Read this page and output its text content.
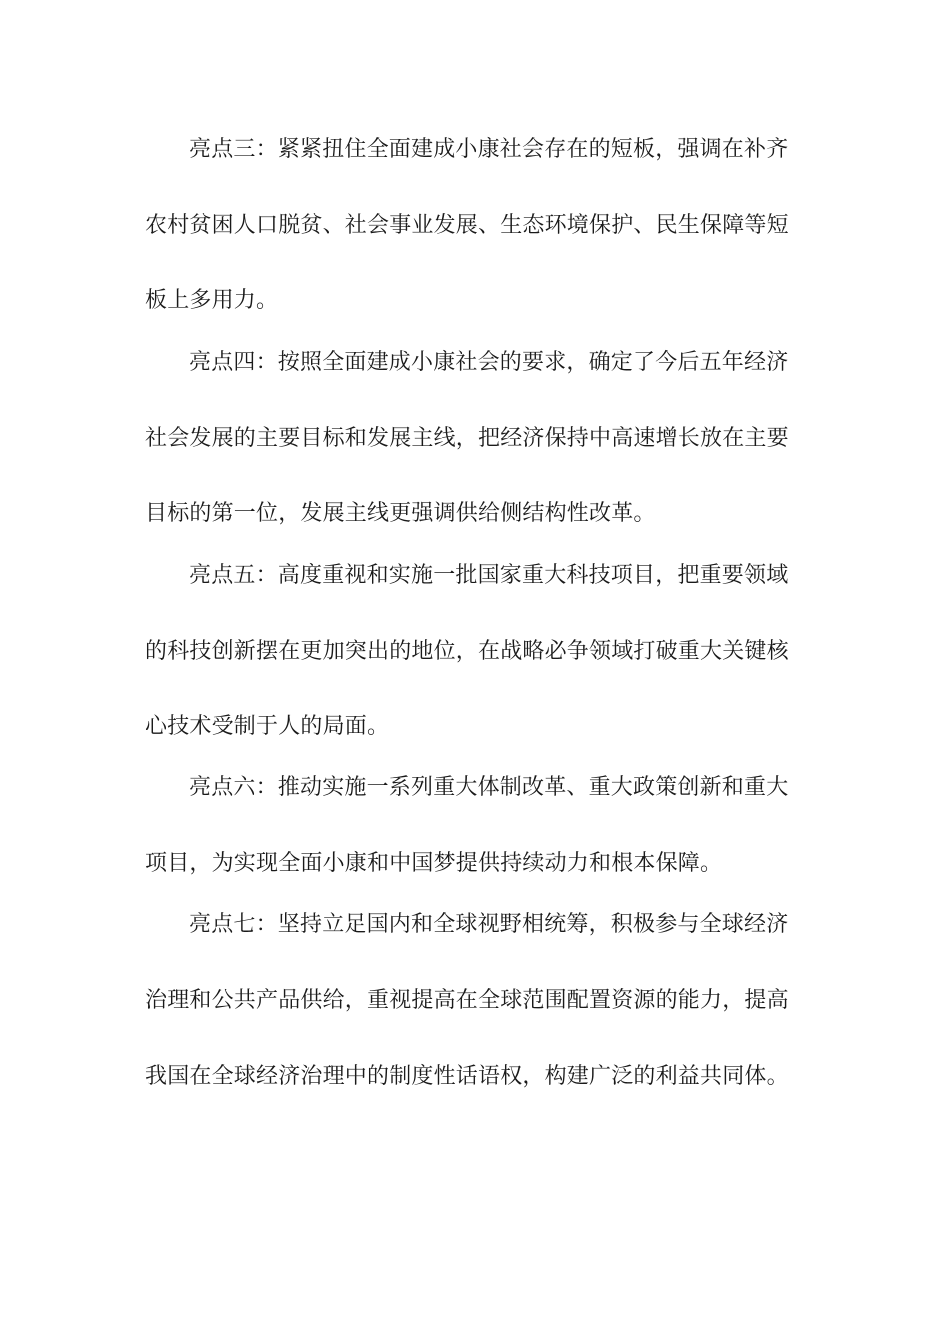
亮点三：紧紧扭住全面建成小康社会存在的短板，强调在补齐
农村贫困人口脱贫、社会事业发展、生态环境保护、民生保障等短
板上多用力。
亮点四：按照全面建成小康社会的要求，确定了今后五年经济
社会发展的主要目标和发展主线，把经济保持中高速增长放在主要
目标的第一位，发展主线更强调供给侧结构性改革。
亮点五：高度重视和实施一批国家重大科技项目，把重要领域
的科技创新摆在更加突出的地位，在战略必争领域打破重大关键核
心技术受制于人的局面。
亮点六：推动实施一系列重大体制改革、重大政策创新和重大
项目，为实现全面小康和中国梦提供持续动力和根本保障。
亮点七：坚持立足国内和全球视野相统筹，积极参与全球经济
治理和公共产品供给，重视提高在全球范围配置资源的能力，提高
我国在全球经济治理中的制度性话语权，构建广泛的利益共同体。
